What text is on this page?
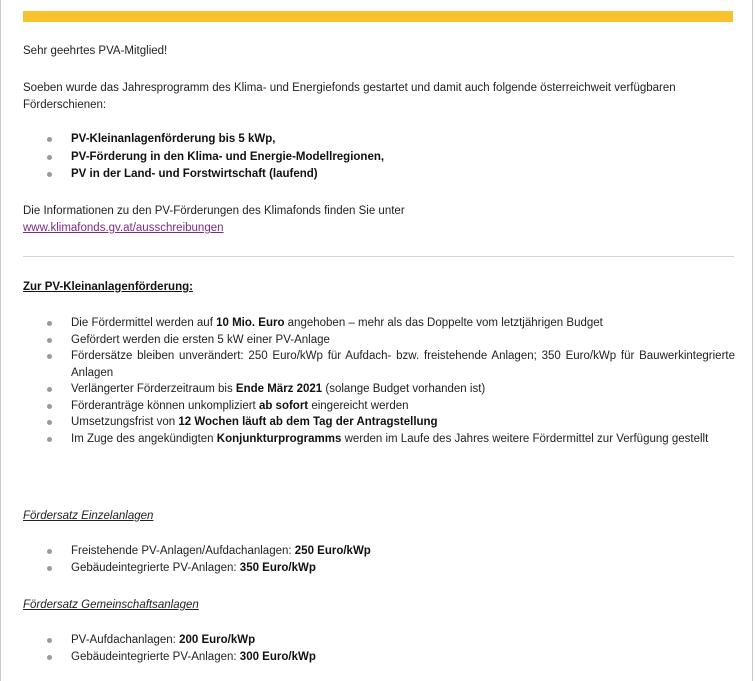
Sehr geehrtes PVA-Mitglied!

Soeben wurde das Jahresprogramm des Klima- und Energiefonds gestartet und damit auch folgende österreichweit verfügbaren Förderschienen:

PV-Kleinanlagenförderung bis 5 kWp,
PV-Förderung in den Klima- und Energie-Modellregionen,
PV in der Land- und Forstwirtschaft (laufend)

Die Informationen zu den PV-Förderungen des Klimafonds finden Sie unter

www.klimafonds.gv.at/ausschreibungen

Zur PV-Kleinanlagenförderung:

Die Fördermittel werden auf 10 Mio. Euro angehoben – mehr als das Doppelte vom letztjährigen Budget
Gefördert werden die ersten 5 kW einer PV-Anlage
Fördersätze bleiben unverändert: 250 Euro/kWp für Aufdach- bzw. freistehende Anlagen; 350 Euro/kWp für Bauwerkintegrierte Anlagen
Verlängerter Förderzeitraum bis Ende März 2021 (solange Budget vorhanden ist)
Förderanträge können unkompliziert ab sofort eingereicht werden
Umsetzungsfrist von 12 Wochen läuft ab dem Tag der Antragstellung
Im Zuge des angekündigten Konjunkturprogramms werden im Laufe des Jahres weitere Fördermittel zur Verfügung gestellt

Fördersatz Einzelanlagen

Freistehende PV-Anlagen/Aufdachanlagen: 250 Euro/kWp
Gebäudeintegrierte PV-Anlagen: 350 Euro/kWp

Fördersatz Gemeinschaftsanlagen

PV-Aufdachanlagen: 200 Euro/kWp
Gebäudeintegrierte PV-Anlagen: 300 Euro/kWp
